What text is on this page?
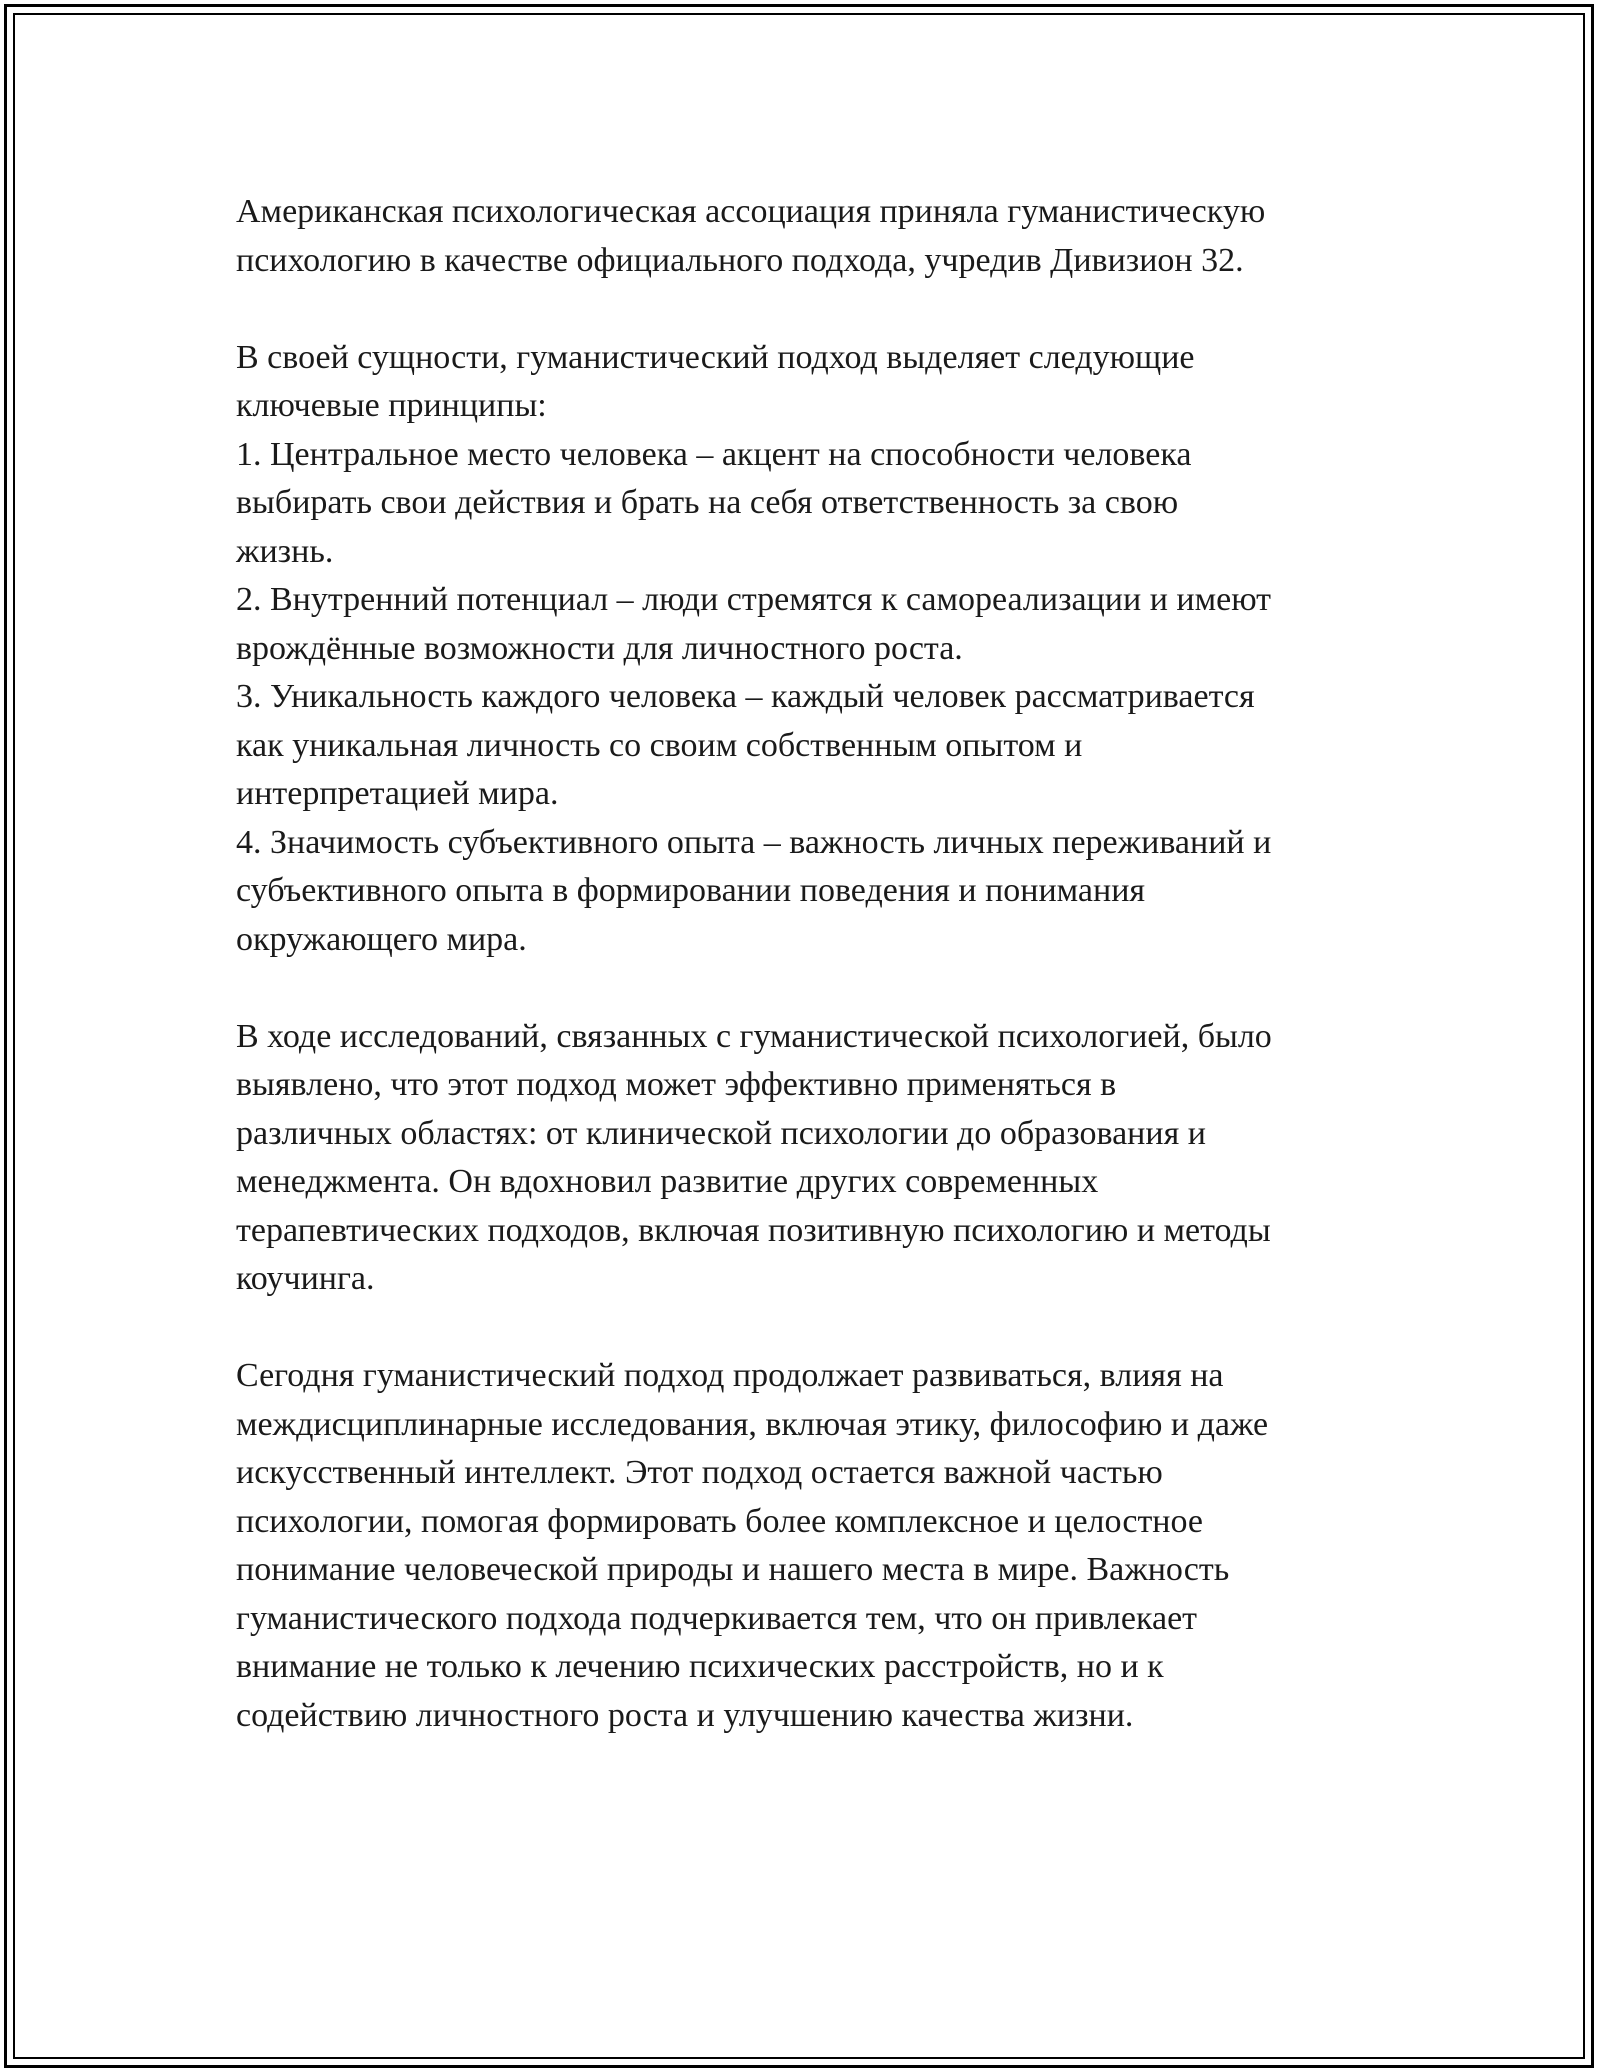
Американская психологическая ассоциация приняла гуманистическую

психологию в качестве официального подхода, учредив Дивизион 32.

В своей сущности, гуманистический подход выделяет следующие

ключевые принципы:

1. Центральное место человека – акцент на способности человека

выбирать свои действия и брать на себя ответственность за свою

жизнь.

2. Внутренний потенциал – люди стремятся к самореализации и имеют

врождённые возможности для личностного роста.

3. Уникальность каждого человека – каждый человек рассматривается

как уникальная личность со своим собственным опытом и

интерпретацией мира.

4. Значимость субъективного опыта – важность личных переживаний и

субъективного опыта в формировании поведения и понимания

окружающего мира.

В ходе исследований, связанных с гуманистической психологией, было

выявлено, что этот подход может эффективно применяться в

различных областях: от клинической психологии до образования и

менеджмента. Он вдохновил развитие других современных

терапевтических подходов, включая позитивную психологию и методы

коучинга.

Сегодня гуманистический подход продолжает развиваться, влияя на

междисциплинарные исследования, включая этику, философию и даже

искусственный интеллект. Этот подход остается важной частью

психологии, помогая формировать более комплексное и целостное

понимание человеческой природы и нашего места в мире. Важность

гуманистического подхода подчеркивается тем, что он привлекает

внимание не только к лечению психических расстройств, но и к

содействию личностного роста и улучшению качества жизни.
